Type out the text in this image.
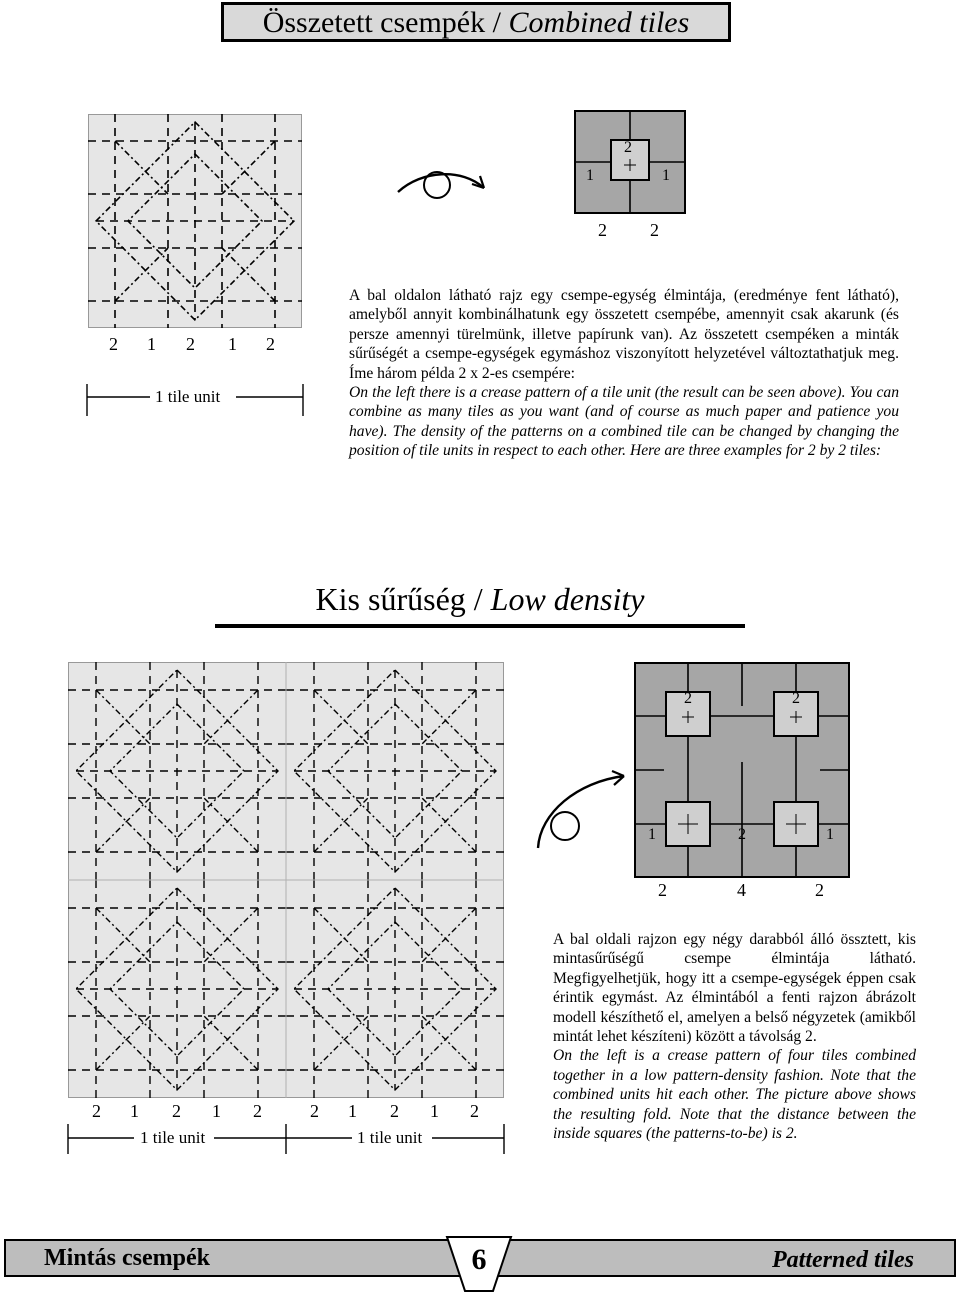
Összetett csempék / Combined tiles
2 1 2 1 2
1 tile unit
2
1	1
2 2

A bal oldalon látható rajz egy csempe-egység élmintája, (eredménye fent látható), amelyből annyit kombinálhatunk egy összetett csempébe, amennyit csak akarunk (és persze amennyi türelmünk, illetve papírunk van). Az összetett csempéken a minták sűrűségét a csempe-egységek egymáshoz viszonyított helyzetével változtathatjuk meg. Íme három példa 2 x 2-es csempére:

On the left there is a crease pattern of a tile unit (the result can be seen above). You can combine as many tiles as you want (and of course as much paper and patience you have). The density of the patterns on a combined tile can be changed by changing the position of tile units in respect to each other. Here are three examples for 2 by 2 tiles:

Kis sűrűség / Low density
2 1 2 1 2	2 1 2 1 2
1 tile unit	1 tile unit
2	2
1	2	1
2	4	2

A bal oldali rajzon egy négy darabból álló össztett, kis mintasűrűségű csempe élmintája látható. Megfigyelhetjük, hogy itt a csempe-egységek éppen csak érintik egymást. Az élmintából a fenti rajzon ábrázolt modell készíthető el, amelyen a belső négyzetek (amikből mintát lehet készíteni) között a távolság 2.

On the left is a crease pattern of four tiles combined together in a low pattern-density fashion. Note that the combined units hit each other. The picture above shows the resulting fold. Note that the distance between the inside squares (the patterns-to-be) is 2.

Mintás csempék	Patterned tiles
6
